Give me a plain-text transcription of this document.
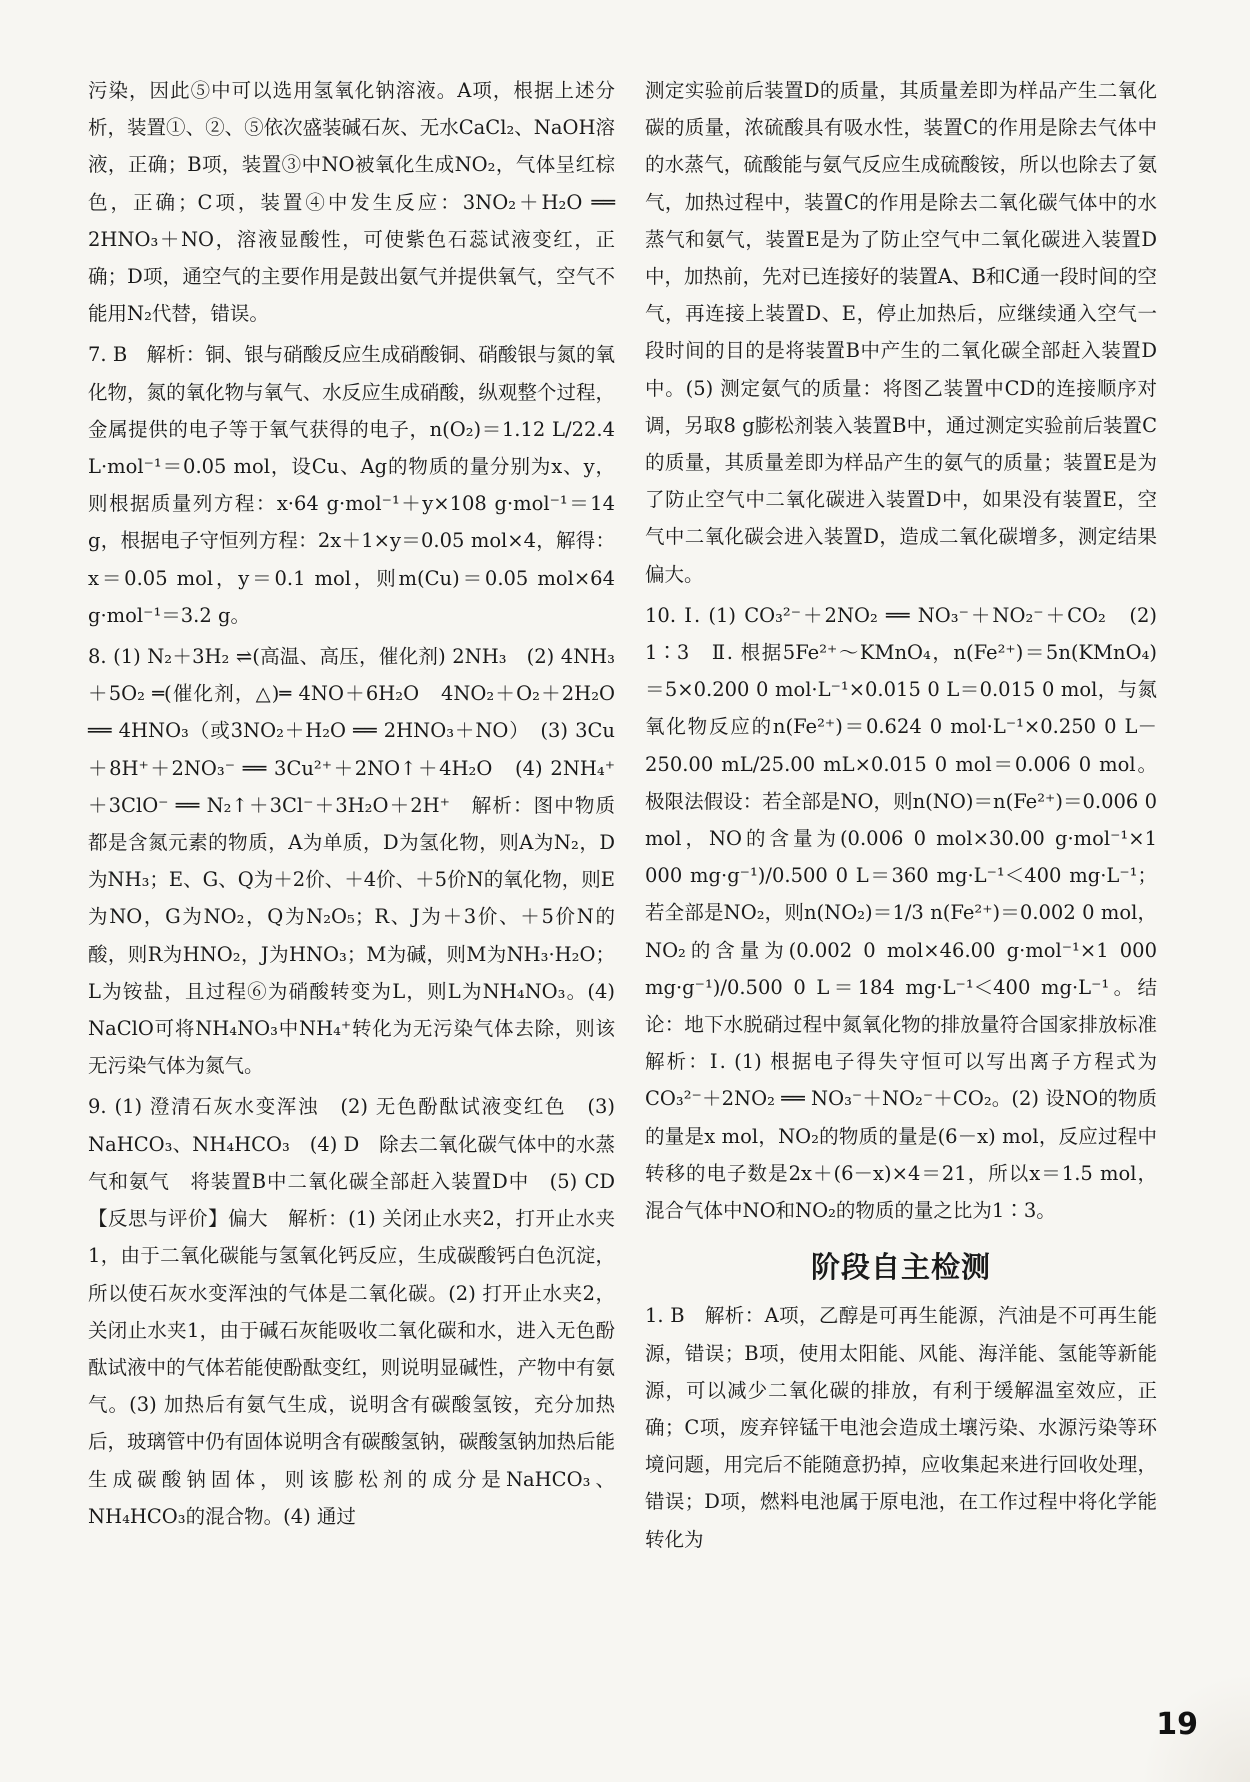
污染，因此⑤中可以选用氢氧化钠溶液。A项，根据上述分析，装置①、②、⑤依次盛装碱石灰、无水CaCl₂、NaOH溶液，正确；B项，装置③中NO被氧化生成NO₂，气体呈红棕色，正确；C项，装置④中发生反应：3NO₂＋H₂O ══ 2HNO₃＋NO，溶液显酸性，可使紫色石蕊试液变红，正确；D项，通空气的主要作用是鼓出氨气并提供氧气，空气不能用N₂代替，错误。

7. B　解析：铜、银与硝酸反应生成硝酸铜、硝酸银与氮的氧化物，氮的氧化物与氧气、水反应生成硝酸，纵观整个过程，金属提供的电子等于氧气获得的电子，n(O₂)＝1.12 L/22.4 L·mol⁻¹＝0.05 mol，设Cu、Ag的物质的量分别为x、y，则根据质量列方程：x·64 g·mol⁻¹＋y×108 g·mol⁻¹＝14 g，根据电子守恒列方程：2x＋1×y＝0.05 mol×4，解得：x＝0.05 mol，y＝0.1 mol，则m(Cu)＝0.05 mol×64 g·mol⁻¹＝3.2 g。

8. (1) N₂＋3H₂ ⇌(高温、高压，催化剂) 2NH₃　(2) 4NH₃＋5O₂ ═(催化剂，△)═ 4NO＋6H₂O　4NO₂＋O₂＋2H₂O ══ 4HNO₃（或3NO₂＋H₂O ══ 2HNO₃＋NO）　(3) 3Cu＋8H⁺＋2NO₃⁻ ══ 3Cu²⁺＋2NO↑＋4H₂O　(4) 2NH₄⁺＋3ClO⁻ ══ N₂↑＋3Cl⁻＋3H₂O＋2H⁺　解析：图中物质都是含氮元素的物质，A为单质，D为氢化物，则A为N₂，D为NH₃；E、G、Q为＋2价、＋4价、＋5价N的氧化物，则E为NO，G为NO₂，Q为N₂O₅；R、J为＋3价、＋5价N的酸，则R为HNO₂，J为HNO₃；M为碱，则M为NH₃·H₂O；L为铵盐，且过程⑥为硝酸转变为L，则L为NH₄NO₃。(4) NaClO可将NH₄NO₃中NH₄⁺转化为无污染气体去除，则该无污染气体为氮气。

9. (1) 澄清石灰水变浑浊　(2) 无色酚酞试液变红色　(3) NaHCO₃、NH₄HCO₃　(4) D　除去二氧化碳气体中的水蒸气和氨气　将装置B中二氧化碳全部赶入装置D中　(5) CD【反思与评价】偏大　解析：(1) 关闭止水夹2，打开止水夹1，由于二氧化碳能与氢氧化钙反应，生成碳酸钙白色沉淀，所以使石灰水变浑浊的气体是二氧化碳。(2) 打开止水夹2，关闭止水夹1，由于碱石灰能吸收二氧化碳和水，进入无色酚酞试液中的气体若能使酚酞变红，则说明显碱性，产物中有氨气。(3) 加热后有氨气生成，说明含有碳酸氢铵，充分加热后，玻璃管中仍有固体说明含有碳酸氢钠，碳酸氢钠加热后能生成碳酸钠固体，则该膨松剂的成分是NaHCO₃、NH₄HCO₃的混合物。(4) 通过

测定实验前后装置D的质量，其质量差即为样品产生二氧化碳的质量，浓硫酸具有吸水性，装置C的作用是除去气体中的水蒸气，硫酸能与氨气反应生成硫酸铵，所以也除去了氨气，加热过程中，装置C的作用是除去二氧化碳气体中的水蒸气和氨气，装置E是为了防止空气中二氧化碳进入装置D中，加热前，先对已连接好的装置A、B和C通一段时间的空气，再连接上装置D、E，停止加热后，应继续通入空气一段时间的目的是将装置B中产生的二氧化碳全部赶入装置D中。(5) 测定氨气的质量：将图乙装置中CD的连接顺序对调，另取8 g膨松剂装入装置B中，通过测定实验前后装置C的质量，其质量差即为样品产生的氨气的质量；装置E是为了防止空气中二氧化碳进入装置D中，如果没有装置E，空气中二氧化碳会进入装置D，造成二氧化碳增多，测定结果偏大。

10. Ⅰ. (1) CO₃²⁻＋2NO₂ ══ NO₃⁻＋NO₂⁻＋CO₂　(2) 1∶3　Ⅱ. 根据5Fe²⁺～KMnO₄，n(Fe²⁺)＝5n(KMnO₄)＝5×0.200 0 mol·L⁻¹×0.015 0 L＝0.015 0 mol，与氮氧化物反应的n(Fe²⁺)＝0.624 0 mol·L⁻¹×0.250 0 L－250.00 mL/25.00 mL×0.015 0 mol＝0.006 0 mol。极限法假设：若全部是NO，则n(NO)＝n(Fe²⁺)＝0.006 0 mol，NO的含量为(0.006 0 mol×30.00 g·mol⁻¹×1 000 mg·g⁻¹)/0.500 0 L＝360 mg·L⁻¹＜400 mg·L⁻¹；若全部是NO₂，则n(NO₂)＝1/3 n(Fe²⁺)＝0.002 0 mol，NO₂的含量为(0.002 0 mol×46.00 g·mol⁻¹×1 000 mg·g⁻¹)/0.500 0 L＝184 mg·L⁻¹＜400 mg·L⁻¹。结论：地下水脱硝过程中氮氧化物的排放量符合国家排放标准　解析：Ⅰ. (1) 根据电子得失守恒可以写出离子方程式为CO₃²⁻＋2NO₂ ══ NO₃⁻＋NO₂⁻＋CO₂。(2) 设NO的物质的量是x mol，NO₂的物质的量是(6－x) mol，反应过程中转移的电子数是2x＋(6－x)×4＝21，所以x＝1.5 mol，混合气体中NO和NO₂的物质的量之比为1∶3。

阶段自主检测

1. B　解析：A项，乙醇是可再生能源，汽油是不可再生能源，错误；B项，使用太阳能、风能、海洋能、氢能等新能源，可以减少二氧化碳的排放，有利于缓解温室效应，正确；C项，废弃锌锰干电池会造成土壤污染、水源污染等环境问题，用完后不能随意扔掉，应收集起来进行回收处理，错误；D项，燃料电池属于原电池，在工作过程中将化学能转化为

19
